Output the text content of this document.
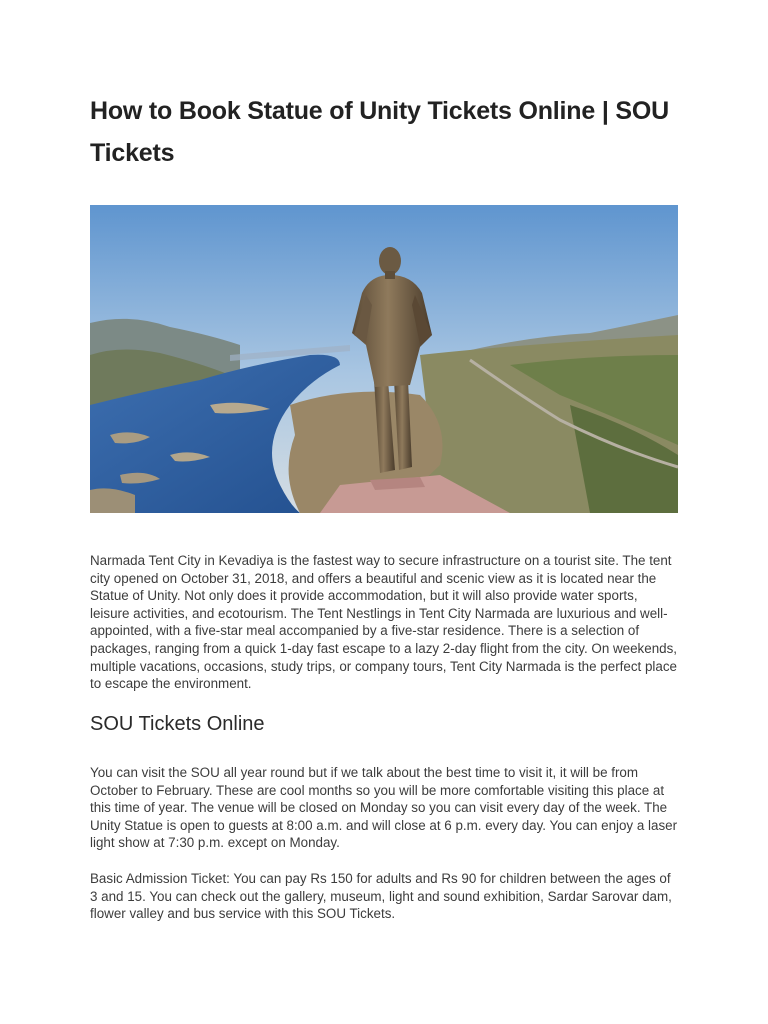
How to Book Statue of Unity Tickets Online | SOU Tickets

Narmada Tent City in Kevadiya is the fastest way to secure infrastructure on a tourist site. The tent city opened on October 31, 2018, and offers a beautiful and scenic view as it is located near the Statue of Unity. Not only does it provide accommodation, but it will also provide water sports, leisure activities, and ecotourism. The Tent Nestlings in Tent City Narmada are luxurious and well-appointed, with a five-star meal accompanied by a five-star residence. There is a selection of packages, ranging from a quick 1-day fast escape to a lazy 2-day flight from the city. On weekends, multiple vacations, occasions, study trips, or company tours, Tent City Narmada is the perfect place to escape the environment.

SOU Tickets Online

You can visit the SOU all year round but if we talk about the best time to visit it, it will be from October to February. These are cool months so you will be more comfortable visiting this place at this time of year. The venue will be closed on Monday so you can visit every day of the week. The Unity Statue is open to guests at 8:00 a.m. and will close at 6 p.m. every day. You can enjoy a laser light show at 7:30 p.m. except on Monday.

Basic Admission Ticket: You can pay Rs 150 for adults and Rs 90 for children between the ages of 3 and 15. You can check out the gallery, museum, light and sound exhibition, Sardar Sarovar dam, flower valley and bus service with this SOU Tickets.
